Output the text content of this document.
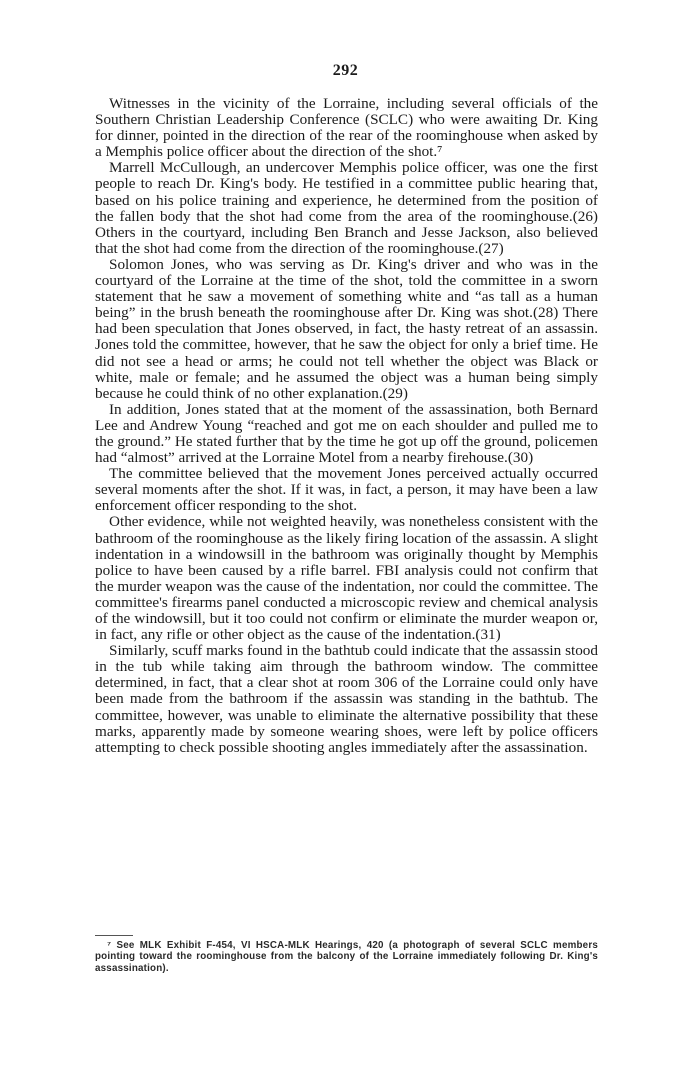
292

Witnesses in the vicinity of the Lorraine, including several officials of the Southern Christian Leadership Conference (SCLC) who were awaiting Dr. King for dinner, pointed in the direction of the rear of the roominghouse when asked by a Memphis police officer about the direction of the shot.⁷

Marrell McCullough, an undercover Memphis police officer, was one the first people to reach Dr. King's body. He testified in a committee public hearing that, based on his police training and experience, he determined from the position of the fallen body that the shot had come from the area of the roominghouse.(26) Others in the courtyard, including Ben Branch and Jesse Jackson, also believed that the shot had come from the direction of the roominghouse.(27)

Solomon Jones, who was serving as Dr. King's driver and who was in the courtyard of the Lorraine at the time of the shot, told the committee in a sworn statement that he saw a movement of something white and “as tall as a human being” in the brush beneath the roominghouse after Dr. King was shot.(28) There had been speculation that Jones observed, in fact, the hasty retreat of an assassin. Jones told the committee, however, that he saw the object for only a brief time. He did not see a head or arms; he could not tell whether the object was Black or white, male or female; and he assumed the object was a human being simply because he could think of no other explanation.(29)

In addition, Jones stated that at the moment of the assassination, both Bernard Lee and Andrew Young “reached and got me on each shoulder and pulled me to the ground.” He stated further that by the time he got up off the ground, policemen had “almost” arrived at the Lorraine Motel from a nearby firehouse.(30)

The committee believed that the movement Jones perceived actually occurred several moments after the shot. If it was, in fact, a person, it may have been a law enforcement officer responding to the shot.

Other evidence, while not weighted heavily, was nonetheless consistent with the bathroom of the roominghouse as the likely firing location of the assassin. A slight indentation in a windowsill in the bathroom was originally thought by Memphis police to have been caused by a rifle barrel. FBI analysis could not confirm that the murder weapon was the cause of the indentation, nor could the committee. The committee's firearms panel conducted a microscopic review and chemical analysis of the windowsill, but it too could not confirm or eliminate the murder weapon or, in fact, any rifle or other object as the cause of the indentation.(31)

Similarly, scuff marks found in the bathtub could indicate that the assassin stood in the tub while taking aim through the bathroom window. The committee determined, in fact, that a clear shot at room 306 of the Lorraine could only have been made from the bathroom if the assassin was standing in the bathtub. The committee, however, was unable to eliminate the alternative possibility that these marks, apparently made by someone wearing shoes, were left by police officers attempting to check possible shooting angles immediately after the assassination.

⁷ See MLK Exhibit F-454, VI HSCA-MLK Hearings, 420 (a photograph of several SCLC members pointing toward the roominghouse from the balcony of the Lorraine immediately following Dr. King's assassination).
